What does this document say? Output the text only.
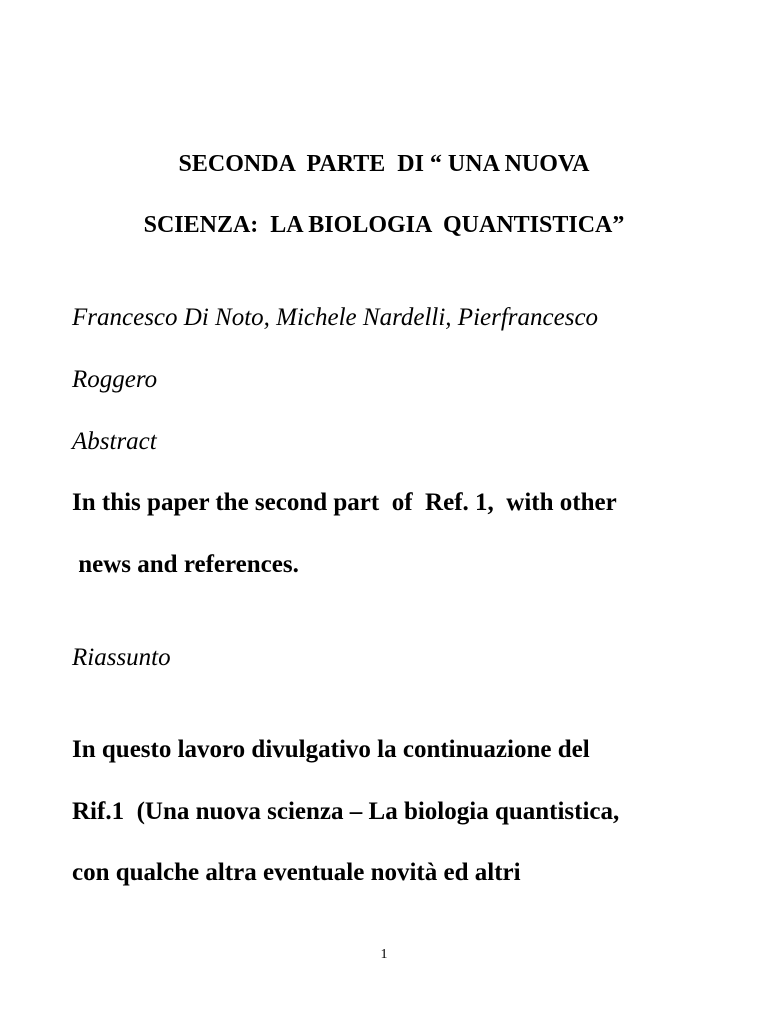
SECONDA  PARTE  DI “ UNA NUOVA
SCIENZA:  LA BIOLOGIA  QUANTISTICA”
Francesco Di Noto, Michele Nardelli, Pierfrancesco
Roggero
Abstract
In this paper the second part  of  Ref. 1,  with other
news and references.
Riassunto
In questo lavoro divulgativo la continuazione del
Rif.1  (Una nuova scienza – La biologia quantistica,
con qualche altra eventuale novità ed altri
1
